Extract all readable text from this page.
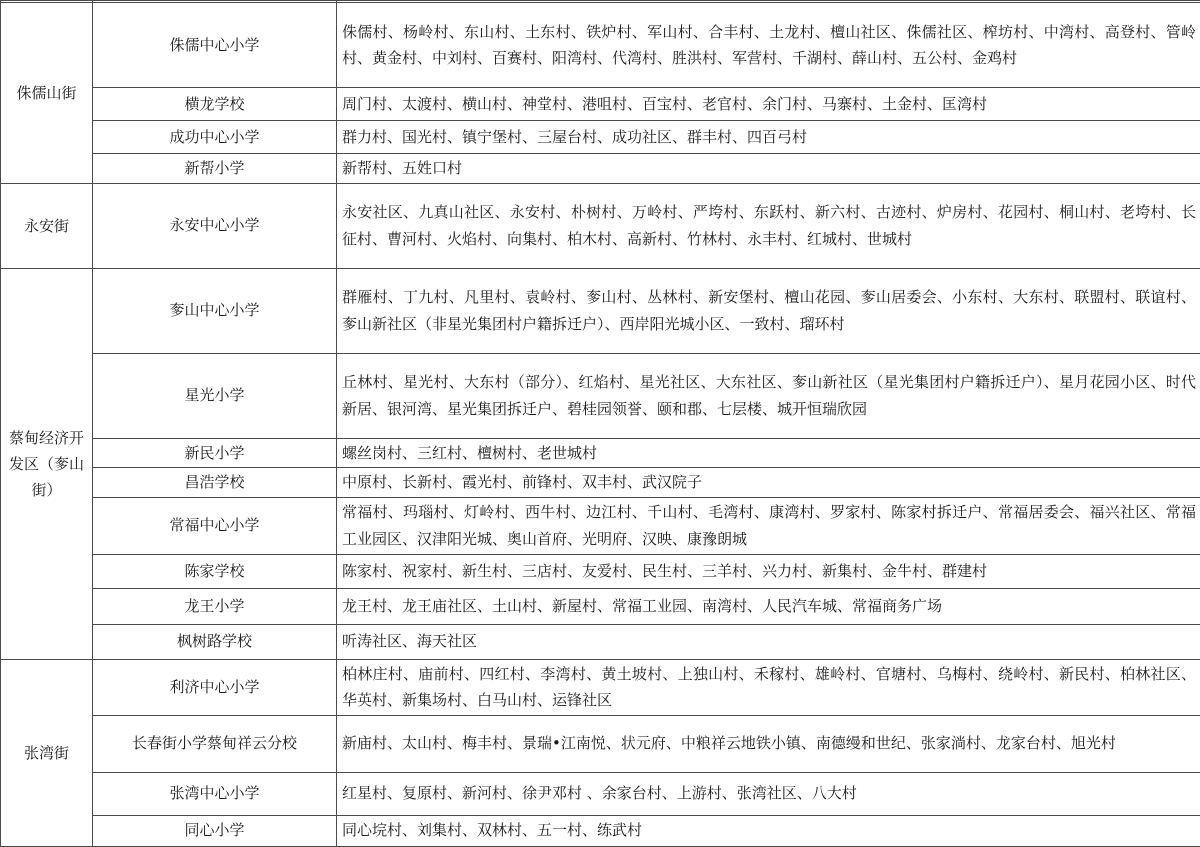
侏儒山街	侏儒中心小学	侏儒村、杨岭村、东山村、土东村、铁炉村、军山村、合丰村、土龙村、檀山社区、侏儒社区、榨坊村、中湾村、高登村、管岭村、黄金村、中刘村、百赛村、阳湾村、代湾村、胜洪村、军营村、千湖村、薛山村、五公村、金鸡村
	横龙学校	周门村、太渡村、横山村、神堂村、港咀村、百宝村、老官村、余门村、马寨村、土金村、匡湾村
	成功中心小学	群力村、国光村、镇宁堡村、三屋台村、成功社区、群丰村、四百弓村
	新帮小学	新帮村、五姓口村
永安街	永安中心小学	永安社区、九真山社区、永安村、朴树村、万岭村、严垮村、东跃村、新六村、古迹村、炉房村、花园村、桐山村、老垮村、长征村、曹河村、火焰村、向集村、柏木村、高新村、竹林村、永丰村、红城村、世城村
蔡甸经济开发区（奓山街）	奓山中心小学	群雁村、丁九村、凡里村、袁岭村、奓山村、丛林村、新安堡村、檀山花园、奓山居委会、小东村、大东村、联盟村、联谊村、奓山新社区（非星光集团村户籍拆迁户）、西岸阳光城小区、一致村、瑠环村
	星光小学	丘林村、星光村、大东村（部分）、红焰村、星光社区、大东社区、奓山新社区（星光集团村户籍拆迁户）、星月花园小区、时代新居、银河湾、星光集团拆迁户、碧桂园领誉、颐和郡、七层楼、城开恒瑞欣园
	新民小学	螺丝岗村、三红村、檀树村、老世城村
	昌浩学校	中原村、长新村、霞光村、前锋村、双丰村、武汉院子
	常福中心小学	常福村、玛瑙村、灯岭村、西牛村、边江村、千山村、毛湾村、康湾村、罗家村、陈家村拆迁户、常福居委会、福兴社区、常福工业园区、汉津阳光城、奥山首府、光明府、汉映、康豫朗城
	陈家学校	陈家村、祝家村、新生村、三店村、友爱村、民生村、三羊村、兴力村、新集村、金牛村、群建村
	龙王小学	龙王村、龙王庙社区、土山村、新屋村、常福工业园、南湾村、人民汽车城、常福商务广场
	枫树路学校	听涛社区、海天社区
张湾街	利济中心小学	柏林庄村、庙前村、四红村、李湾村、黄土坡村、上独山村、禾稼村、雄岭村、官塘村、乌梅村、绕岭村、新民村、柏林社区、华英村、新集场村、白马山村、运锋社区
	长春街小学蔡甸祥云分校	新庙村、太山村、梅丰村、景瑞•江南悦、状元府、中粮祥云地铁小镇、南德缦和世纪、张家淌村、龙家台村、旭光村
	张湾中心小学	红星村、复原村、新河村、徐尹邓村 、余家台村、上游村、张湾社区、八大村
	同心小学	同心垸村、刘集村、双林村、五一村、练武村
